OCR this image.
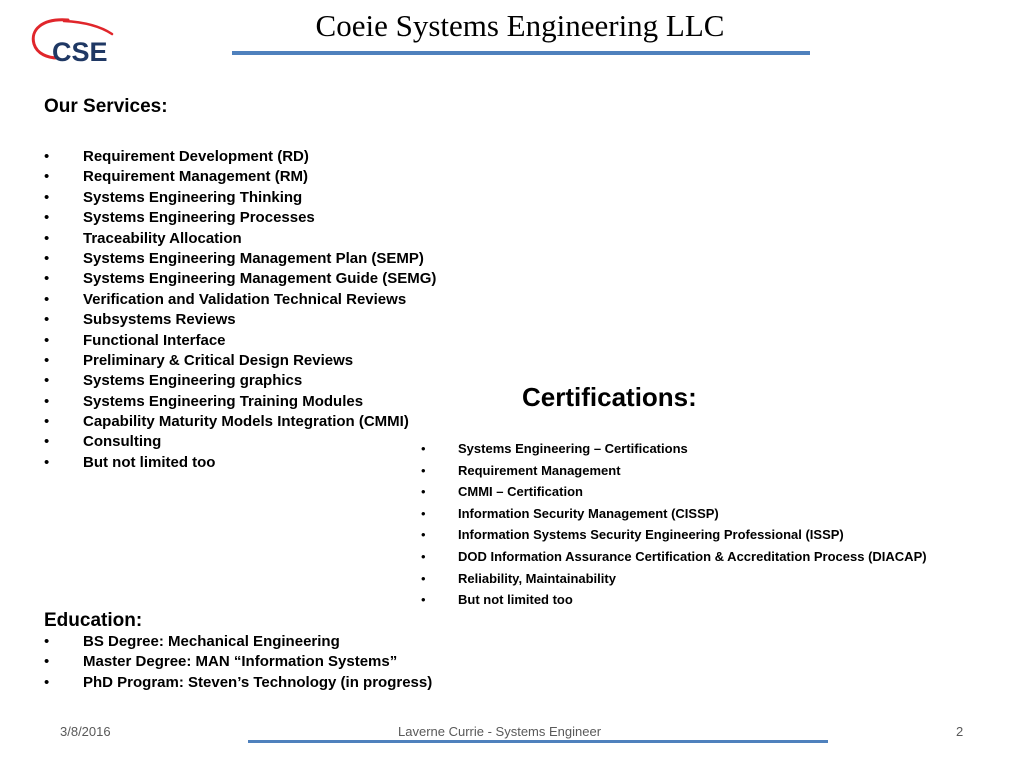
CSE
Coeie Systems Engineering LLC
Our Services:
• Requirement Development (RD)
• Requirement Management (RM)
• Systems Engineering Thinking
• Systems Engineering Processes
• Traceability Allocation
• Systems Engineering Management Plan (SEMP)
• Systems Engineering Management Guide (SEMG)
• Verification and Validation Technical Reviews
• Subsystems Reviews
• Functional Interface
• Preliminary & Critical Design Reviews
• Systems Engineering graphics
• Systems Engineering Training Modules
• Capability Maturity Models Integration (CMMI)
• Consulting
• But not limited too
Certifications:
• Systems Engineering – Certifications
• Requirement Management
• CMMI – Certification
• Information Security Management (CISSP)
• Information Systems Security Engineering Professional (ISSP)
• DOD Information Assurance Certification & Accreditation Process (DIACAP)
• Reliability, Maintainability
• But not limited too
Education:
• BS Degree: Mechanical Engineering
• Master Degree: MAN “Information Systems”
• PhD Program: Steven’s Technology (in progress)
3/8/2016	Laverne Currie - Systems Engineer	2
